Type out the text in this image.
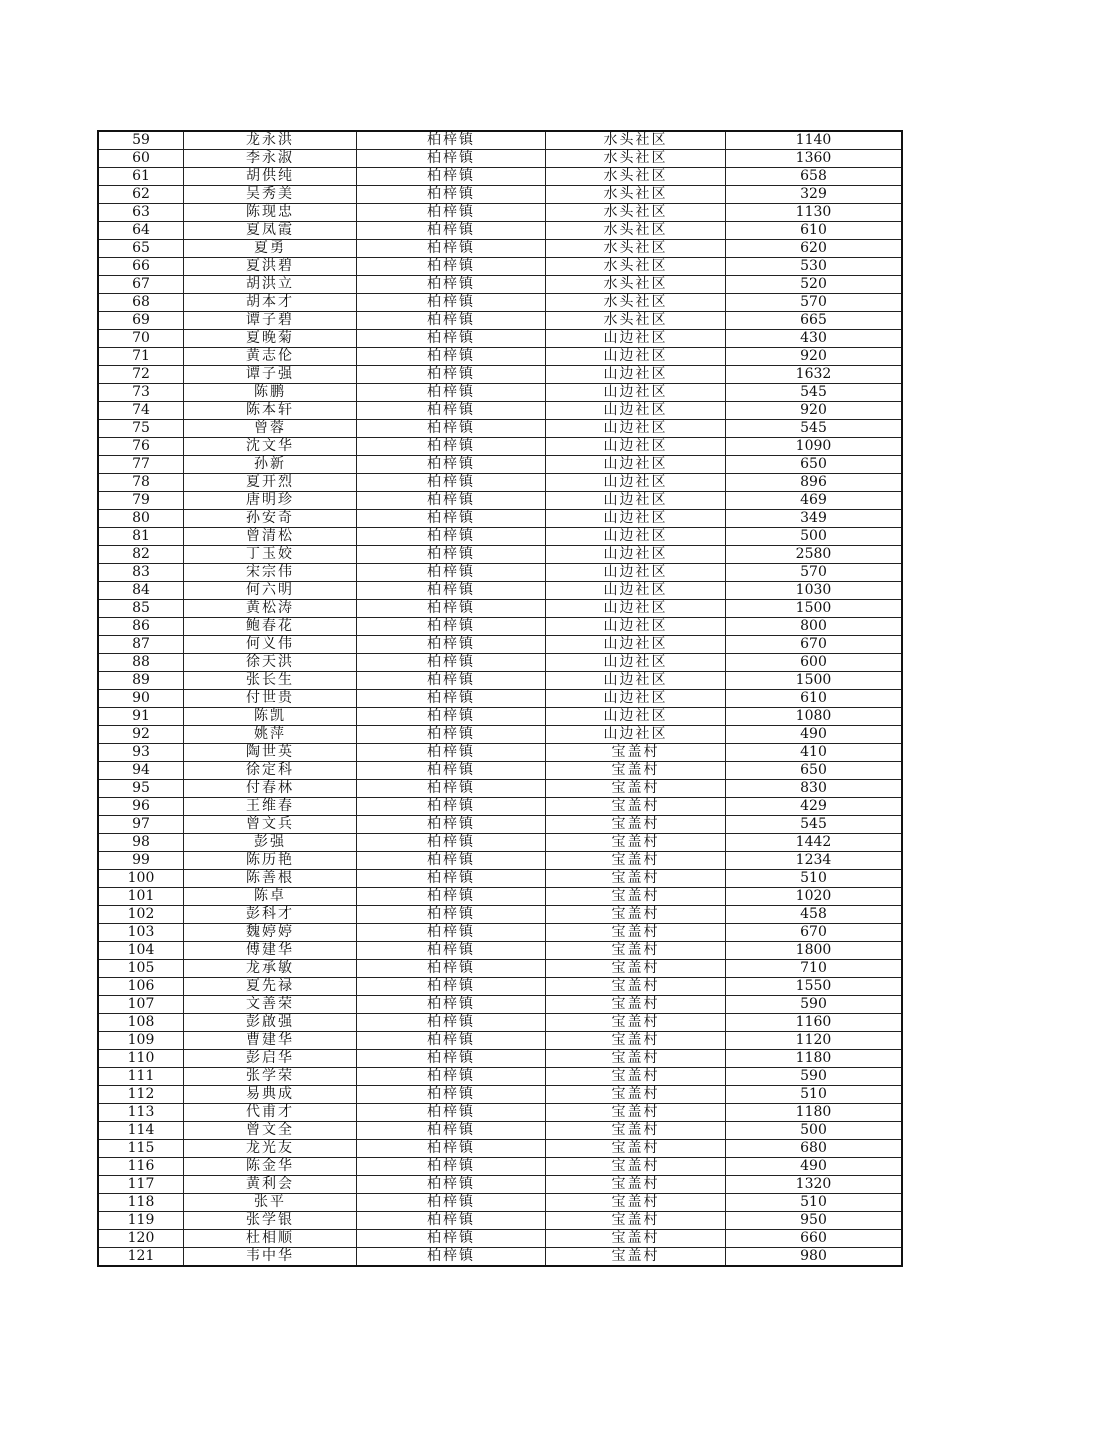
59	龙永洪	柏梓镇	水头社区	1140
60	李永淑	柏梓镇	水头社区	1360
61	胡供纯	柏梓镇	水头社区	658
62	吴秀美	柏梓镇	水头社区	329
63	陈现忠	柏梓镇	水头社区	1130
64	夏凤霞	柏梓镇	水头社区	610
65	夏勇	柏梓镇	水头社区	620
66	夏洪碧	柏梓镇	水头社区	530
67	胡洪立	柏梓镇	水头社区	520
68	胡本才	柏梓镇	水头社区	570
69	谭子碧	柏梓镇	水头社区	665
70	夏晚菊	柏梓镇	山边社区	430
71	黄志伦	柏梓镇	山边社区	920
72	谭子强	柏梓镇	山边社区	1632
73	陈鹏	柏梓镇	山边社区	545
74	陈本轩	柏梓镇	山边社区	920
75	曾蓉	柏梓镇	山边社区	545
76	沈文华	柏梓镇	山边社区	1090
77	孙新	柏梓镇	山边社区	650
78	夏开烈	柏梓镇	山边社区	896
79	唐明珍	柏梓镇	山边社区	469
80	孙安奇	柏梓镇	山边社区	349
81	曾清松	柏梓镇	山边社区	500
82	丁玉姣	柏梓镇	山边社区	2580
83	宋宗伟	柏梓镇	山边社区	570
84	何六明	柏梓镇	山边社区	1030
85	黄松涛	柏梓镇	山边社区	1500
86	鲍春花	柏梓镇	山边社区	800
87	何义伟	柏梓镇	山边社区	670
88	徐天洪	柏梓镇	山边社区	600
89	张长生	柏梓镇	山边社区	1500
90	付世贵	柏梓镇	山边社区	610
91	陈凯	柏梓镇	山边社区	1080
92	姚萍	柏梓镇	山边社区	490
93	陶世英	柏梓镇	宝盖村	410
94	徐定科	柏梓镇	宝盖村	650
95	付春林	柏梓镇	宝盖村	830
96	王维春	柏梓镇	宝盖村	429
97	曾文兵	柏梓镇	宝盖村	545
98	彭强	柏梓镇	宝盖村	1442
99	陈历艳	柏梓镇	宝盖村	1234
100	陈善根	柏梓镇	宝盖村	510
101	陈卓	柏梓镇	宝盖村	1020
102	彭科才	柏梓镇	宝盖村	458
103	魏婷婷	柏梓镇	宝盖村	670
104	傅建华	柏梓镇	宝盖村	1800
105	龙承敏	柏梓镇	宝盖村	710
106	夏先禄	柏梓镇	宝盖村	1550
107	文善荣	柏梓镇	宝盖村	590
108	彭啟强	柏梓镇	宝盖村	1160
109	曹建华	柏梓镇	宝盖村	1120
110	彭启华	柏梓镇	宝盖村	1180
111	张学荣	柏梓镇	宝盖村	590
112	易典成	柏梓镇	宝盖村	510
113	代甫才	柏梓镇	宝盖村	1180
114	曾文全	柏梓镇	宝盖村	500
115	龙光友	柏梓镇	宝盖村	680
116	陈金华	柏梓镇	宝盖村	490
117	黄利会	柏梓镇	宝盖村	1320
118	张平	柏梓镇	宝盖村	510
119	张学银	柏梓镇	宝盖村	950
120	杜相顺	柏梓镇	宝盖村	660
121	韦中华	柏梓镇	宝盖村	980
